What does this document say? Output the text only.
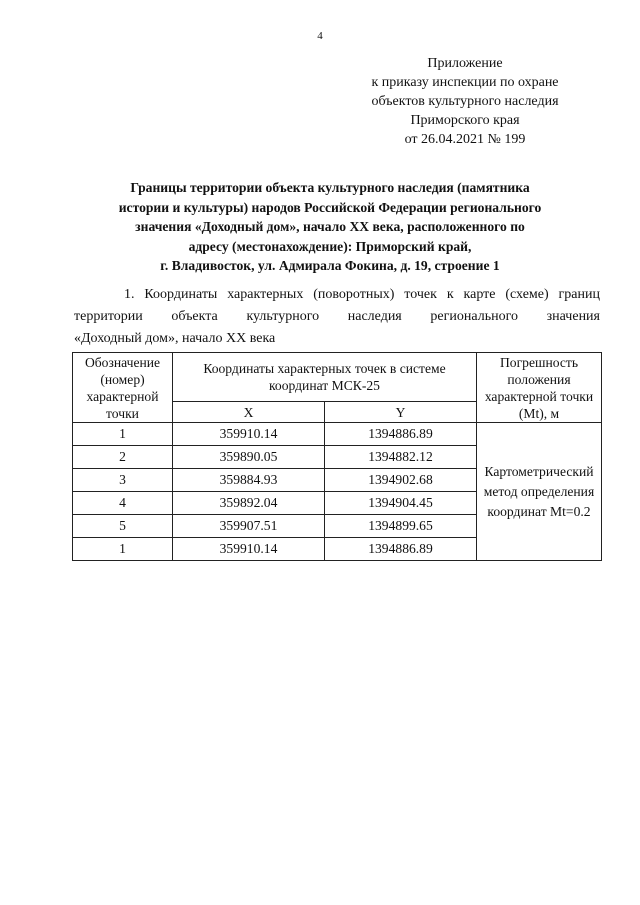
4
Приложение
к приказу инспекции по охране
объектов культурного наследия
Приморского края
от 26.04.2021 № 199
Границы территории объекта культурного наследия (памятника
истории и культуры) народов Российской Федерации регионального
значения «Доходный дом», начало XX века, расположенного по
адресу (местонахождение): Приморский край,
г. Владивосток, ул. Адмирала Фокина, д. 19, строение 1
1. Координаты характерных (поворотных) точек к карте (схеме) границ
территории объекта культурного наследия регионального значения
«Доходный дом», начало XX века
Обозначение (номер) характерной точки	Координаты характерных точек в системе координат МСК-25		Погрешность положения характерной точки (Mt), м
	X	Y	
1	359910.14	1394886.89	Картометрический метод определения координат Mt=0.2
2	359890.05	1394882.12	
3	359884.93	1394902.68	
4	359892.04	1394904.45	
5	359907.51	1394899.65	
1	359910.14	1394886.89	
